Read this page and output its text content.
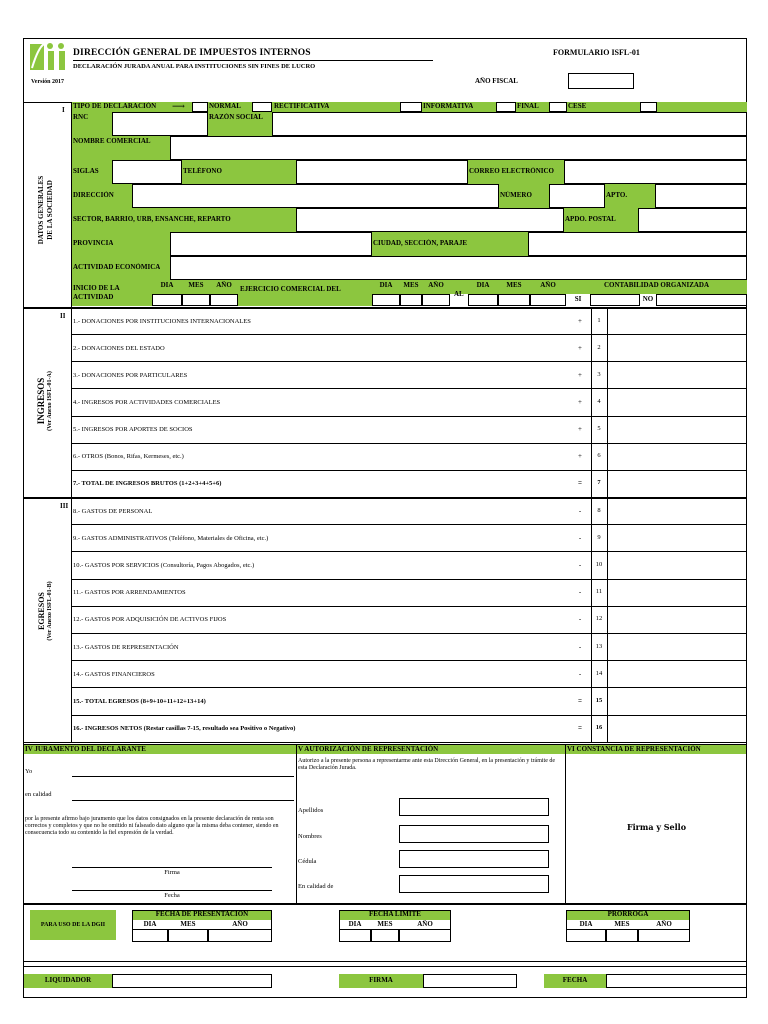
Versión 2017
DIRECCIÓN GENERAL DE IMPUESTOS INTERNOS
DECLARACIÓN JURADA ANUAL PARA INSTITUCIONES SIN FINES DE LUCRO
FORMULARIO ISFL-01
AÑO FISCAL
I
DATOS GENERALES
DE LA SOCIEDAD
TIPO DE DECLARACIÓN ⟶	NORMAL	RECTIFICATIVA	INFORMATIVA	FINAL	CESE
RNC	RAZÓN SOCIAL
NOMBRE COMERCIAL
SIGLAS	TELÉFONO	CORREO ELECTRÓNICO
DIRECCIÓN	NÚMERO	APTO.
SECTOR, BARRIO, URB, ENSANCHE, REPARTO	APDO. POSTAL
PROVINCIA	CIUDAD, SECCIÓN, PARAJE
ACTIVIDAD ECONÓMICA
INICIO DE LA ACTIVIDAD
DIA	MES	AÑO	EJERCICIO COMERCIAL DEL	DIA	MES	AÑO
AL
DIA	MES	AÑO	CONTABILIDAD ORGANIZADA
SI	NO
II
INGRESOS (Ver Anexo ISFL-01-A)
1.- DONACIONES POR INSTITUCIONES INTERNACIONALES	+	1
2.- DONACIONES DEL ESTADO	+	2
3.- DONACIONES POR PARTICULARES	+	3
4.- INGRESOS POR ACTIVIDADES COMERCIALES	+	4
5.- INGRESOS POR APORTES DE SOCIOS	+	5
6.- OTROS (Bonos, Rifas, Kermeses, etc.)	+	6
7.- TOTAL DE INGRESOS BRUTOS (1+2+3+4+5+6)	=	7
III
EGRESOS (Ver Anexo ISFL-01-B)
8.- GASTOS DE PERSONAL	-	8
9.- GASTOS ADMINISTRATIVOS (Teléfono, Materiales de Oficina, etc.)	-	9
10.- GASTOS POR SERVICIOS (Consultoría, Pagos Abogados, etc.)	-	10
11.- GASTOS POR ARRENDAMIENTOS	-	11
12.- GASTOS POR ADQUISICIÓN DE ACTIVOS FIJOS	-	12
13.- GASTOS DE REPRESENTACIÓN	-	13
14.- GASTOS FINANCIEROS	-	14
15.- TOTAL EGRESOS (8+9+10+11+12+13+14)	=	15
16.- INGRESOS NETOS (Restar casillas 7-15, resultado sea Positivo o Negativo)	=	16
IV JURAMENTO DEL DECLARANTE	V AUTORIZACIÓN DE REPRESENTACIÓN	VI CONSTANCIA DE REPRESENTACIÓN
Yo
en calidad
por la presente afirmo bajo juramento que los datos consignados en la presente declaración de renta son correctos y completos y que no he omitido ni falseado dato alguno que la misma deba contener, siendo en consecuencia todo su contenido la fiel expresión de la verdad.
Firma
Fecha
Autorizo a la presente persona a representarme ante esta Dirección General, en la presentación y trámite de esta Declaración Jurada.
Apellidos
Nombres
Cédula
En calidad de
Firma y Sello
PARA USO DE LA DGII
FECHA DE PRESENTACIÓN
DIA	MES	AÑO
FECHA LIMITE
DIA	MES	AÑO
PRORROGA
DIA	MES	AÑO
LIQUIDADOR	FIRMA	FECHA
